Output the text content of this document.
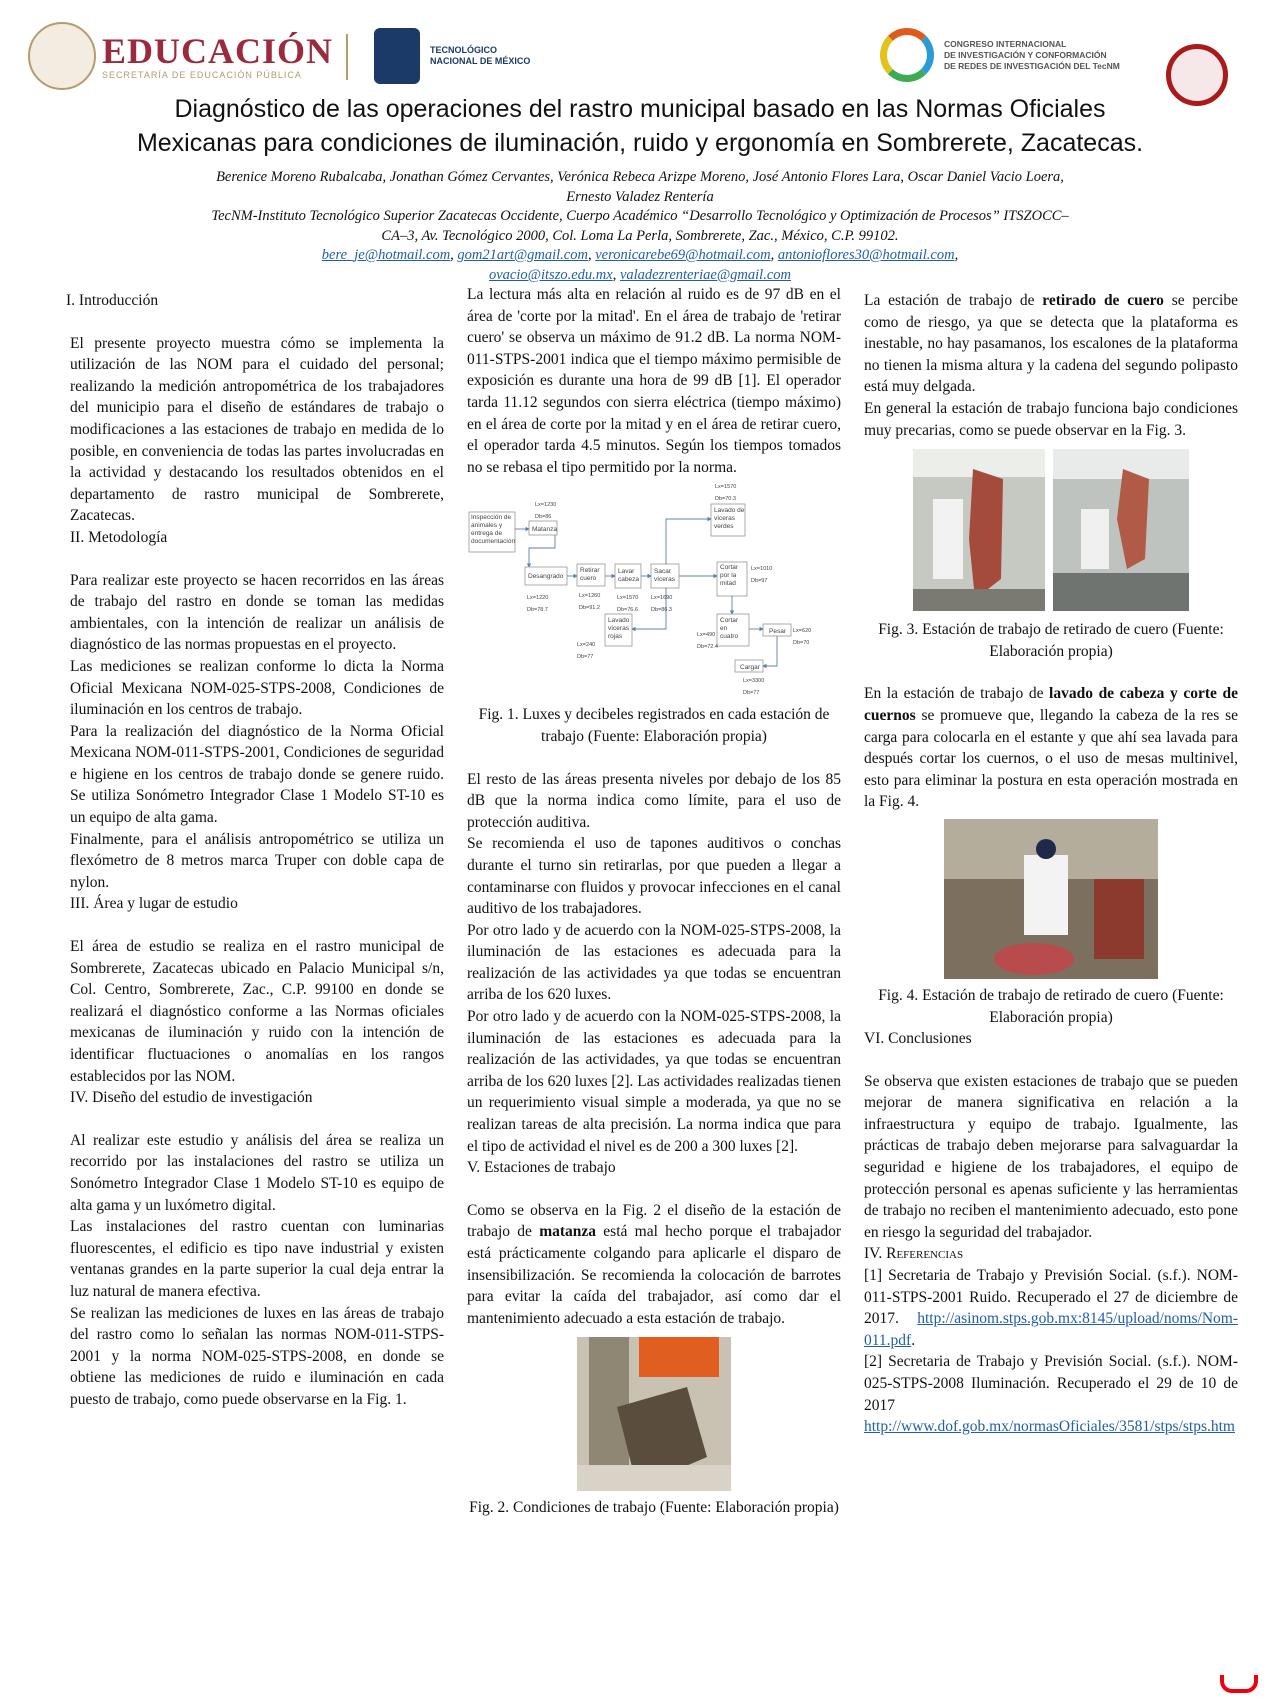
EDUCACIÓN
SECRETARÍA DE EDUCACIÓN PÚBLICA
TECNOLÓGICO
NACIONAL DE MÉXICO
CONGRESO INTERNACIONAL
DE INVESTIGACIÓN Y CONFORMACIÓN
DE REDES DE INVESTIGACIÓN DEL TecNM
Diagnóstico de las operaciones del rastro municipal basado en las Normas Oficiales
Mexicanas para condiciones de iluminación, ruido y ergonomía en Sombrerete, Zacatecas.
Berenice Moreno Rubalcaba, Jonathan Gómez Cervantes, Verónica Rebeca Arizpe Moreno, José Antonio Flores Lara, Oscar Daniel Vacio Loera, Ernesto Valadez Rentería
TecNM-Instituto Tecnológico Superior Zacatecas Occidente, Cuerpo Académico “Desarrollo Tecnológico y Optimización de Procesos” ITSZOCC–CA–3, Av. Tecnológico 2000, Col. Loma La Perla, Sombrerete, Zac., México, C.P. 99102.
bere_je@hotmail.com, gom21art@gmail.com, veronicarebe69@hotmail.com, antonioflores30@hotmail.com,
ovacio@itszo.edu.mx, valadezrenteriae@gmail.com

I. Introducción

El presente proyecto muestra cómo se implementa la utilización de las NOM para el cuidado del personal; realizando la medición antropométrica de los trabajadores del municipio para el diseño de estándares de trabajo o modificaciones a las estaciones de trabajo en medida de lo posible, en conveniencia de todas las partes involucradas en la actividad y destacando los resultados obtenidos en el departamento de rastro municipal de Sombrerete, Zacatecas.

II. Metodología

Para realizar este proyecto se hacen recorridos en las áreas de trabajo del rastro en donde se toman las medidas ambientales, con la intención de realizar un análisis de diagnóstico de las normas propuestas en el proyecto.

Las mediciones se realizan conforme lo dicta la Norma Oficial Mexicana NOM-025-STPS-2008, Condiciones de iluminación en los centros de trabajo.

Para la realización del diagnóstico de la Norma Oficial Mexicana NOM-011-STPS-2001, Condiciones de seguridad e higiene en los centros de trabajo donde se genere ruido. Se utiliza Sonómetro Integrador Clase 1 Modelo ST-10 es un equipo de alta gama.

Finalmente, para el análisis antropométrico se utiliza un flexómetro de 8 metros marca Truper con doble capa de nylon.

III. Área y lugar de estudio

El área de estudio se realiza en el rastro municipal de Sombrerete, Zacatecas ubicado en Palacio Municipal s/n, Col. Centro, Sombrerete, Zac., C.P. 99100 en donde se realizará el diagnóstico conforme a las Normas oficiales mexicanas de iluminación y ruido con la intención de identificar fluctuaciones o anomalías en los rangos establecidos por las NOM.

IV. Diseño del estudio de investigación

Al realizar este estudio y análisis del área se realiza un recorrido por las instalaciones del rastro se utiliza un Sonómetro Integrador Clase 1 Modelo ST-10 es equipo de alta gama y un luxómetro digital.

Las instalaciones del rastro cuentan con luminarias fluorescentes, el edificio es tipo nave industrial y existen ventanas grandes en la parte superior la cual deja entrar la luz natural de manera efectiva.

Se realizan las mediciones de luxes en las áreas de trabajo del rastro como lo señalan las normas NOM-011-STPS-2001 y la norma NOM-025-STPS-2008, en donde se obtiene las mediciones de ruido e iluminación en cada puesto de trabajo, como puede observarse en la Fig. 1.

La lectura más alta en relación al ruido es de 97 dB en el área de 'corte por la mitad'. En el área de trabajo de 'retirar cuero' se observa un máximo de 91.2 dB. La norma NOM-011-STPS-2001 indica que el tiempo máximo permisible de exposición es durante una hora de 99 dB [1]. El operador tarda 11.12 segundos con sierra eléctrica (tiempo máximo) en el área de corte por la mitad y en el área de retirar cuero, el operador tarda 4.5 minutos. Según los tiempos tomados no se rebasa el tipo permitido por la norma.

Inspección de
animales y
entrega de
documentación
Matanza
Desangrado
Retirar
cuero
Lavar
cabeza
Sacar
víceras
Cortar
por la
mitad
Lavado de
víceras
verdes
Lavado
víceras
rojas
Cortar
en
cuatro
Pesar
Cargar
Lx=1230
Db=86
Lx=1570
Db=70.3
Lx=1220
Db=78.7
Lx=1260
Db=91.2
Lx=1570
Db=76.6
Lx=1690
Db=86.3
Lx=1010
Db=97
Lx=240
Db=77
Lx=490
Db=72.4
Lx=620
Db=70
Lx=3300
Db=77

Fig. 1. Luxes y decibeles registrados en cada estación de trabajo (Fuente: Elaboración propia)

El resto de las áreas presenta niveles por debajo de los 85 dB que la norma indica como límite, para el uso de protección auditiva.

Se recomienda el uso de tapones auditivos o conchas durante el turno sin retirarlas, por que pueden a llegar a contaminarse con fluidos y provocar infecciones en el canal auditivo de los trabajadores.

Por otro lado y de acuerdo con la NOM-025-STPS-2008, la iluminación de las estaciones es adecuada para la realización de las actividades ya que todas se encuentran arriba de los 620 luxes.

Por otro lado y de acuerdo con la NOM-025-STPS-2008, la iluminación de las estaciones es adecuada para la realización de las actividades, ya que todas se encuentran arriba de los 620 luxes [2]. Las actividades realizadas tienen un requerimiento visual simple a moderada, ya que no se realizan tareas de alta precisión. La norma indica que para el tipo de actividad el nivel es de 200 a 300 luxes [2].

V. Estaciones de trabajo

Como se observa en la Fig. 2 el diseño de la estación de trabajo de matanza está mal hecho porque el trabajador está prácticamente colgando para aplicarle el disparo de insensibilización. Se recomienda la colocación de barrotes para evitar la caída del trabajador, así como dar el mantenimiento adecuado a esta estación de trabajo.

Fig. 2. Condiciones de trabajo (Fuente: Elaboración propia)

La estación de trabajo de retirado de cuero se percibe como de riesgo, ya que se detecta que la plataforma es inestable, no hay pasamanos, los escalones de la plataforma no tienen la misma altura y la cadena del segundo polipasto está muy delgada.

En general la estación de trabajo funciona bajo condiciones muy precarias, como se puede observar en la Fig. 3.

Fig. 3. Estación de trabajo de retirado de cuero (Fuente: Elaboración propia)

En la estación de trabajo de lavado de cabeza y corte de cuernos se promueve que, llegando la cabeza de la res se carga para colocarla en el estante y que ahí sea lavada para después cortar los cuernos, o el uso de mesas multinivel, esto para eliminar la postura en esta operación mostrada en la Fig. 4.

Fig. 4. Estación de trabajo de retirado de cuero (Fuente: Elaboración propia)

VI. Conclusiones

Se observa que existen estaciones de trabajo que se pueden mejorar de manera significativa en relación a la infraestructura y equipo de trabajo. Igualmente, las prácticas de trabajo deben mejorarse para salvaguardar la seguridad e higiene de los trabajadores, el equipo de protección personal es apenas suficiente y las herramientas de trabajo no reciben el mantenimiento adecuado, esto pone en riesgo la seguridad del trabajador.

IV. Referencias

[1] Secretaria de Trabajo y Previsión Social. (s.f.). NOM-011-STPS-2001 Ruido. Recuperado el 27 de diciembre de 2017. http://asinom.stps.gob.mx:8145/upload/noms/Nom-011.pdf.

[2] Secretaria de Trabajo y Previsión Social. (s.f.). NOM-025-STPS-2008 Iluminación. Recuperado el 29 de 10 de 2017 http://www.dof.gob.mx/normasOficiales/3581/stps/stps.htm
